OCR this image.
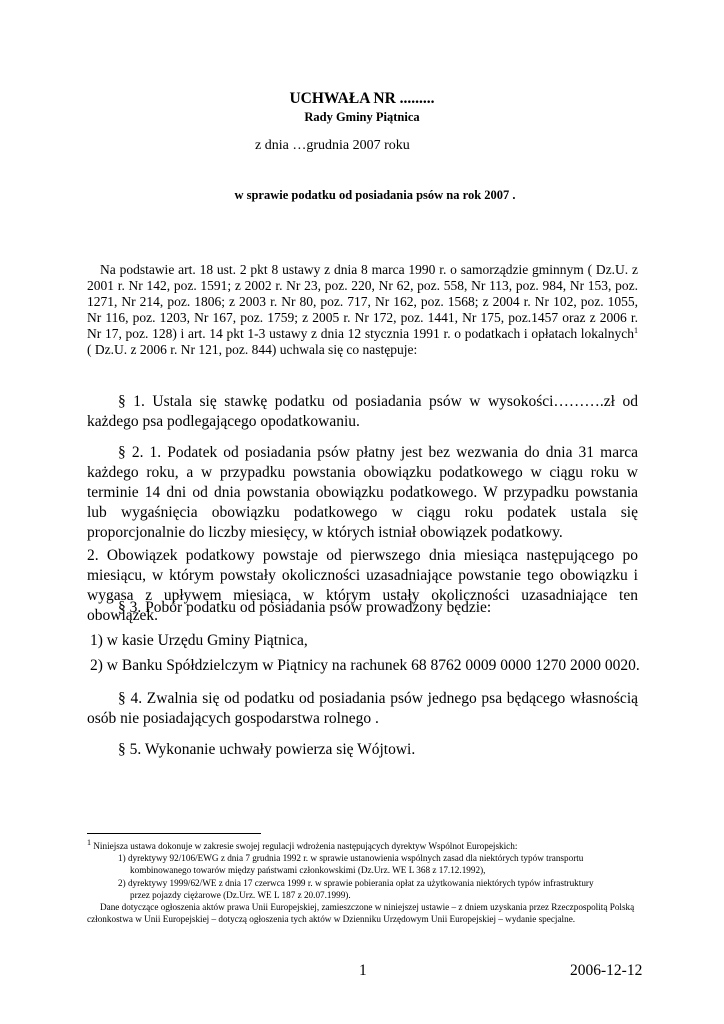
UCHWAŁA NR .........

Rady Gminy Piątnica

z dnia …grudnia 2007 roku

w sprawie podatku od posiadania psów na rok 2007 .

Na podstawie art. 18 ust. 2 pkt 8 ustawy z dnia 8 marca 1990 r. o samorządzie gminnym ( Dz.U. z 2001 r. Nr 142, poz. 1591; z 2002 r. Nr 23, poz. 220, Nr 62, poz. 558, Nr 113, poz. 984, Nr 153, poz. 1271, Nr 214, poz. 1806; z 2003 r. Nr 80, poz. 717, Nr 162, poz. 1568; z 2004 r. Nr 102, poz. 1055, Nr 116, poz. 1203, Nr 167, poz. 1759; z 2005 r. Nr 172, poz. 1441, Nr 175, poz.1457 oraz z 2006 r. Nr 17, poz. 128) i art. 14 pkt 1-3 ustawy z dnia 12 stycznia 1991 r. o podatkach i opłatach lokalnych$^1$ ( Dz.U. z 2006 r. Nr 121, poz. 844) uchwala się co następuje:

§ 1. Ustala się stawkę podatku od posiadania psów w wysokości……….zł od każdego psa podlegającego opodatkowaniu.

§ 2. 1. Podatek od posiadania psów płatny jest bez wezwania do dnia 31 marca każdego roku, a w przypadku powstania obowiązku podatkowego w ciągu roku w terminie 14 dni od dnia powstania obowiązku podatkowego. W przypadku powstania lub wygaśnięcia obowiązku podatkowego w ciągu roku podatek ustala się proporcjonalnie do liczby miesięcy, w których istniał obowiązek podatkowy.

2. Obowiązek podatkowy powstaje od pierwszego dnia miesiąca następującego po miesiącu, w którym powstały okoliczności uzasadniające powstanie tego obowiązku i wygasa z upływem miesiąca, w którym ustały okoliczności uzasadniające ten obowiązek.

§ 3. Pobór podatku od posiadania psów prowadzony będzie:

1) w kasie Urzędu Gminy Piątnica,

2) w Banku Spółdzielczym w Piątnicy na rachunek 68 8762 0009 0000 1270 2000 0020.

§ 4. Zwalnia się od podatku od posiadania psów jednego psa będącego własnością osób nie posiadających gospodarstwa rolnego .

§ 5. Wykonanie uchwały powierza się Wójtowi.

$^1$ Niniejsza ustawa dokonuje w zakresie swojej regulacji wdrożenia następujących dyrektyw Wspólnot Europejskich:

1) dyrektywy 92/106/EWG z dnia 7 grudnia 1992 r. w sprawie ustanowienia wspólnych zasad dla niektórych typów transportu
kombinowanego towarów między państwami członkowskimi (Dz.Urz. WE L 368 z 17.12.1992),

2) dyrektywy 1999/62/WE z dnia 17 czerwca 1999 r. w sprawie pobierania opłat za użytkowania niektórych typów infrastruktury
przez pojazdy ciężarowe (Dz.Urz. WE L 187 z 20.07.1999).

Dane dotyczące ogłoszenia aktów prawa Unii Europejskiej, zamieszczone w niniejszej ustawie – z dniem uzyskania przez Rzeczpospolitą Polską członkostwa w Unii Europejskiej – dotyczą ogłoszenia tych aktów w Dzienniku Urzędowym Unii Europejskiej – wydanie specjalne.

1	2006-12-12
